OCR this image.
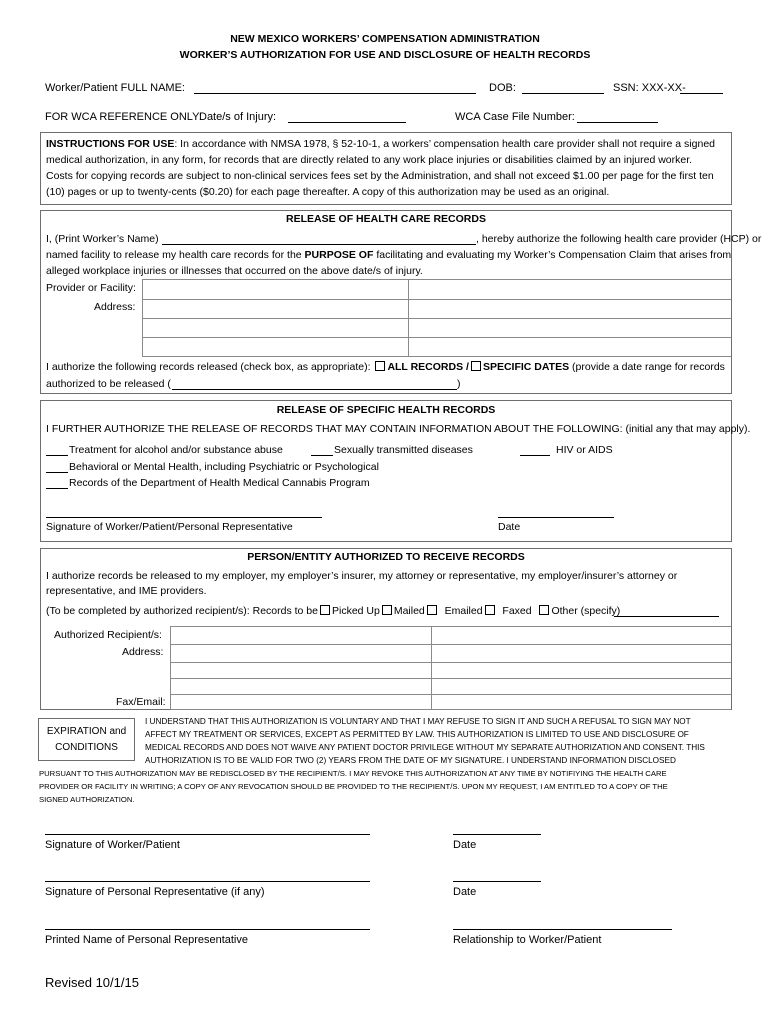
NEW MEXICO WORKERS’ COMPENSATION ADMINISTRATION
WORKER’S AUTHORIZATION FOR USE AND DISCLOSURE OF HEALTH RECORDS
Worker/Patient FULL NAME:	DOB:	SSN: XXX-XX-
FOR WCA REFERENCE ONLY:
Date/s of Injury:	WCA Case File Number:
INSTRUCTIONS FOR USE: In accordance with NMSA 1978, § 52-10-1, a workers’ compensation health care provider shall not require a signed
medical authorization, in any form, for records that are directly related to any work place injuries or disabilities claimed by an injured worker.
Costs for copying records are subject to non-clinical services fees set by the Administration, and shall not exceed $1.00 per page for the first ten
(10) pages or up to twenty-cents ($0.20) for each page thereafter. A copy of this authorization may be used as an original.
RELEASE OF HEALTH CARE RECORDS
I, (Print Worker’s Name)	, hereby authorize the following health care provider (HCP) or
named facility to release my health care records for the PURPOSE OF facilitating and evaluating my Worker’s Compensation Claim that arises from
alleged workplace injuries or illnesses that occurred on the above date/s of injury.
Provider or Facility:
Address:
I authorize the following records released (check box, as appropriate): ALL RECORDS / SPECIFIC DATES (provide a date range for records
authorized to be released (	)
RELEASE OF SPECIFIC HEALTH RECORDS
I FURTHER AUTHORIZE THE RELEASE OF RECORDS THAT MAY CONTAIN INFORMATION ABOUT THE FOLLOWING: (initial any that may apply).
Treatment for alcohol and/or substance abuse	Sexually transmitted diseases	HIV or AIDS
Behavioral or Mental Health, including Psychiatric or Psychological
Records of the Department of Health Medical Cannabis Program
Signature of Worker/Patient/Personal Representative	Date
PERSON/ENTITY AUTHORIZED TO RECEIVE RECORDS
I authorize records be released to my employer, my employer’s insurer, my attorney or representative, my employer/insurer’s attorney or
representative, and IME providers.
(To be completed by authorized recipient/s): Records to be Picked Up Mailed Emailed Faxed Other (specify)
Authorized Recipient/s:
Address:
Fax/Email:
EXPIRATION and
CONDITIONS
I UNDERSTAND THAT THIS AUTHORIZATION IS VOLUNTARY AND THAT I MAY REFUSE TO SIGN IT AND SUCH A REFUSAL TO SIGN MAY NOT
AFFECT MY TREATMENT OR SERVICES, EXCEPT AS PERMITTED BY LAW. THIS AUTHORIZATION IS LIMITED TO USE AND DISCLOSURE OF
MEDICAL RECORDS AND DOES NOT WAIVE ANY PATIENT DOCTOR PRIVILEGE WITHOUT MY SEPARATE AUTHORIZATION AND CONSENT. THIS
AUTHORIZATION IS TO BE VALID FOR TWO (2) YEARS FROM THE DATE OF MY SIGNATURE. I UNDERSTAND INFORMATION DISCLOSED
PURSUANT TO THIS AUTHORIZATION MAY BE REDISCLOSED BY THE RECIPIENT/S. I MAY REVOKE THIS AUTHORIZATION AT ANY TIME BY NOTIFIYING THE HEALTH CARE
PROVIDER OR FACILITY IN WRITING; A COPY OF ANY REVOCATION SHOULD BE PROVIDED TO THE RECIPIENT/S. UPON MY REQUEST, I AM ENTITLED TO A COPY OF THE
SIGNED AUTHORIZATION.
Signature of Worker/Patient	Date
Signature of Personal Representative (if any)	Date
Printed Name of Personal Representative	Relationship to Worker/Patient
Revised 10/1/15
